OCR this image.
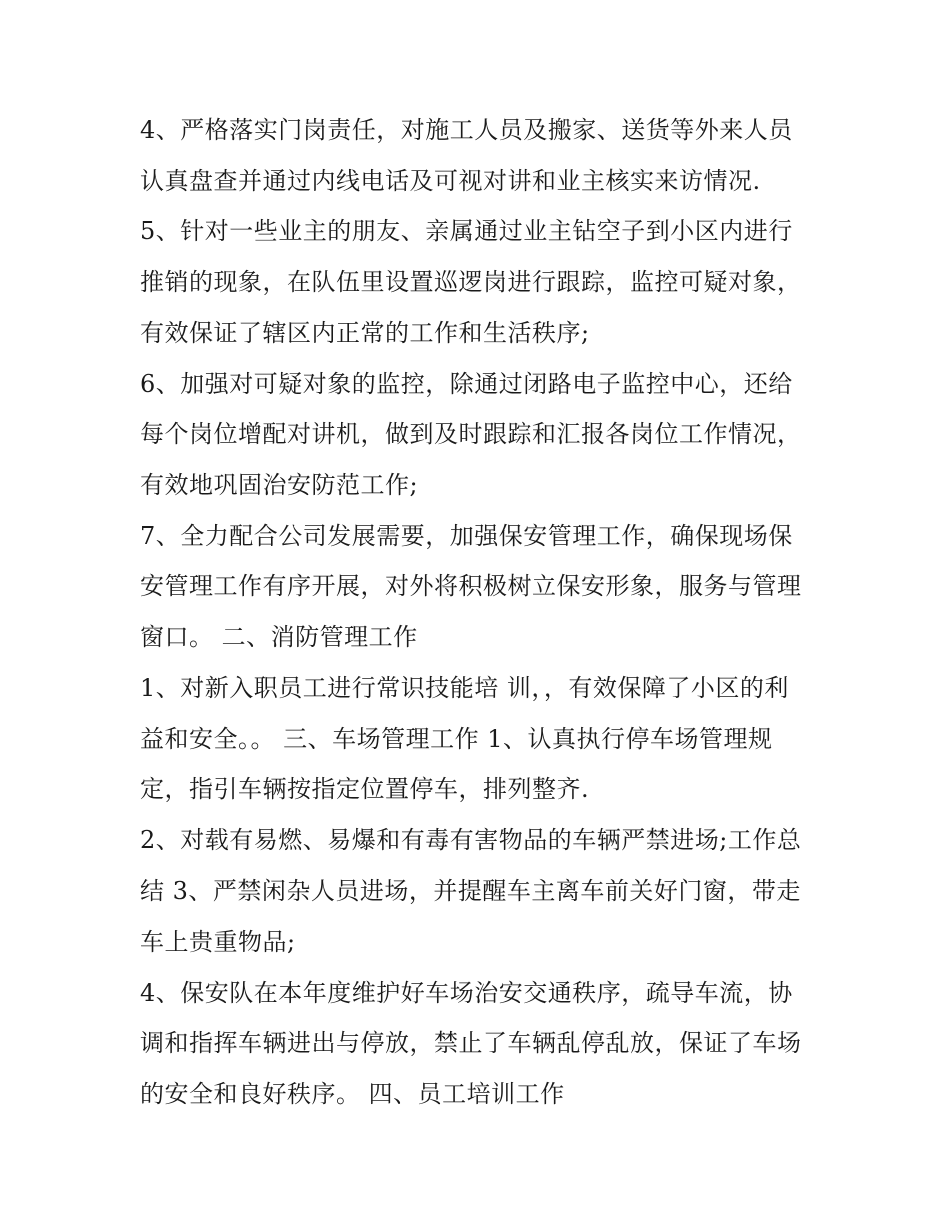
4、严格落实门岗责任，对施工人员及搬家、送货等外来人员
认真盘查并通过内线电话及可视对讲和业主核实来访情况.
5、针对一些业主的朋友、亲属通过业主钻空子到小区内进行
推销的现象，在队伍里设置巡逻岗进行跟踪，监控可疑对象，
有效保证了辖区内正常的工作和生活秩序;
6、加强对可疑对象的监控，除通过闭路电子监控中心，还给
每个岗位增配对讲机，做到及时跟踪和汇报各岗位工作情况，
有效地巩固治安防范工作;
7、全力配合公司发展需要，加强保安管理工作，确保现场保
安管理工作有序开展，对外将积极树立保安形象，服务与管理
窗口。 二、消防管理工作
1、对新入职员工进行常识技能培 训，，有效保障了小区的利
益和安全。。 三、车场管理工作 1、认真执行停车场管理规
定，指引车辆按指定位置停车，排列整齐.
2、对载有易燃、易爆和有毒有害物品的车辆严禁进场;工作总
结 3、严禁闲杂人员进场，并提醒车主离车前关好门窗，带走
车上贵重物品;
4、保安队在本年度维护好车场治安交通秩序，疏导车流，协
调和指挥车辆进出与停放，禁止了车辆乱停乱放，保证了车场
的安全和良好秩序。 四、员工培训工作
